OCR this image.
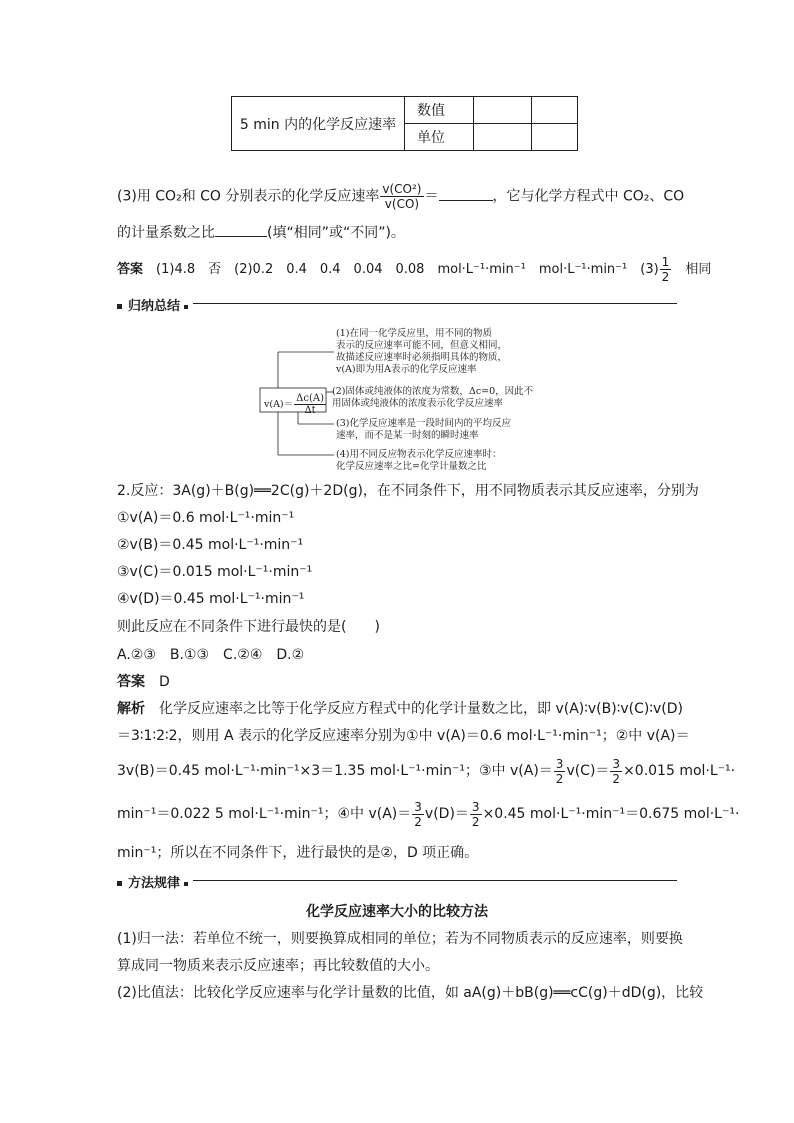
5 min 内的化学反应速率	数值		
	单位		
(3)用 CO₂和 CO 分别表示的化学反应速率 $\frac{\text{v(CO²)}}{v(CO)}$ ＝	，它与化学方程式中 CO₂、CO
的计量系数之比	(填“相同”或“不同”)。
答案　 (1)4.8　否　(2)0.2　0.4　0.4　0.04　0.08　mol·L⁻¹·min⁻¹　mol·L⁻¹·min⁻¹　$(3) \frac{1}{2}$ 　相同
归纳总结
$v(A)= \frac{\Delta c(A)}{\Delta t}$
(1)在同一化学反应里，用不同的物质
表示的反应速率可能不同，但意义相同，
故描述反应速率时必须指明具体的物质，
v(A)即为用A表示的化学反应速率
(2)固体或纯液体的浓度为常数，Δc=0，因此不
用固体或纯液体的浓度表示化学反应速率
(3)化学反应速率是一段时间内的平均反应
速率，而不是某一时刻的瞬时速率
(4)用不同反应物表示化学反应速率时：
化学反应速率之比=化学计量数之比
2.反应：3A(g)＋B(g)══2C(g)＋2D(g)，在不同条件下，用不同物质表示其反应速率，分别为
①v(A)＝0.6 mol·L⁻¹·min⁻¹
②v(B)＝0.45 mol·L⁻¹·min⁻¹
③v(C)＝0.015 mol·L⁻¹·min⁻¹
④v(D)＝0.45 mol·L⁻¹·min⁻¹
则此反应在不同条件下进行最快的是(　　)
A.②③　B.①③　C.②④　D.②
答案　 D
解析　 化学反应速率之比等于化学反应方程式中的化学计量数之比，即 v(A)∶v(B)∶v(C)∶v(D)
＝3∶1∶2∶2，则用 A 表示的化学反应速率分别为①中 v(A)＝0.6 mol·L⁻¹·min⁻¹；②中 v(A)＝
3v(B)＝0.45 mol·L⁻¹·min⁻¹×3＝1.35 mol·L⁻¹·min⁻¹；③中 $v(A)= \frac{3}{2} v(C)= \frac{3}{2} \times 0.015$ mol·L⁻¹·
min⁻¹＝0.022 5 mol·L⁻¹·min⁻¹；④中 $v(A)= \frac{3}{2} v(D)= \frac{3}{2} \times 0.45$ mol·L⁻¹·min⁻¹＝0.675 mol·L⁻¹·
min⁻¹；所以在不同条件下，进行最快的是②，D 项正确。
方法规律
化学反应速率大小的比较方法
(1)归一法：若单位不统一，则要换算成相同的单位；若为不同物质表示的反应速率，则要换
算成同一物质来表示反应速率；再比较数值的大小。
(2)比值法：比较化学反应速率与化学计量数的比值，如 aA(g)＋bB(g)══cC(g)＋dD(g)，比较
